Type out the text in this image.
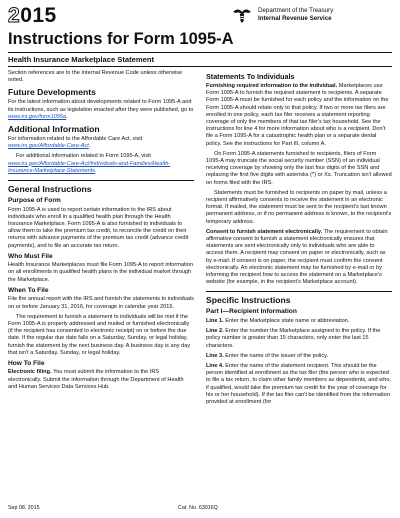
2015
Instructions for Form 1095-A
Department of the Treasury
Internal Revenue Service
Health Insurance Marketplace Statement

Section references are to the Internal Revenue Code unless otherwise noted.

Future Developments

For the latest information about developments related to Form 1095-A and its instructions, such as legislation enacted after they were published, go to www.irs.gov/form1095a.

Additional Information

For information related to the Affordable Care Act, visit www.irs.gov/Affordable-Care-Act.

For additional information related to Form 1095-A, visit www.irs.gov/Affordable-Care-Act/Individuals-and-Families/Health-Insurance-Marketplace-Statements.

General Instructions
Purpose of Form

Form 1095-A is used to report certain information to the IRS about individuals who enroll in a qualified health plan through the Health Insurance Marketplace. Form 1095-A is also furnished to individuals to allow them to take the premium tax credit, to reconcile the credit on their returns with advance payments of the premium tax credit (advance credit payments), and to file an accurate tax return.

Who Must File

Health Insurance Marketplaces must file Form 1095-A to report information on all enrollments in qualified health plans in the individual market through the Marketplace.

When To File

File the annual report with the IRS and furnish the statements to individuals on or before January 31, 2016, for coverage in calendar year 2015.

The requirement to furnish a statement to individuals will be met if the Form 1095-A is properly addressed and mailed or furnished electronically (if the recipient has consented to electronic receipt) on or before the due date. If the regular due date falls on a Saturday, Sunday, or legal holiday, furnish the statement by the next business day. A business day is any day that isn't a Saturday, Sunday, or legal holiday.

How To File

Electronic filing. You must submit the information to the IRS electronically. Submit the information through the Department of Health and Human Services Data Services Hub.

Statements To Individuals

Furnishing required information to the individual. Marketplaces use Form 1095-A to furnish the required statement to recipients. A separate Form 1095-A must be furnished for each policy and the information on the Form 1095-A should relate only to that policy. If two or more tax filers are enrolled in one policy, each tax filer receives a statement reporting coverage of only the members of that tax filer's tax household. See the instructions for line 4 for more information about who is a recipient. Don't file a Form 1095-A for a catastrophic health plan or a separate dental policy. See the instructions for Part III, column A.

On Form 1095-A statements furnished to recipients, filers of Form 1095-A may truncate the social security number (SSN) of an individual receiving coverage by showing only the last four digits of the SSN and replacing the first five digits with asterisks (*) or Xs. Truncation isn't allowed on forms filed with the IRS.

Statements must be furnished to recipients on paper by mail, unless a recipient affirmatively consents to receive the statement in an electronic format. If mailed, the statement must be sent to the recipient's last known permanent address, or if no permanent address is known, to the recipient's temporary address.

Consent to furnish statement electronically. The requirement to obtain affirmative consent to furnish a statement electronically ensures that statements are sent electronically only to individuals who are able to access them. A recipient may consent on paper or electronically, such as by e-mail. If consent is on paper, the recipient must confirm the consent electronically. An electronic statement may be furnished by e-mail or by informing the recipient how to access the statement on a Marketplace's website (for example, in the recipient's Marketplace account).

Specific Instructions
Part I—Recipient Information

Line 1. Enter the Marketplace state name or abbreviation.

Line 2. Enter the number the Marketplace assigned to the policy. If the policy number is greater than 15 characters, only enter the last 15 characters.

Line 3. Enter the name of the issuer of the policy.

Line 4. Enter the name of the statement recipient. This should be the person identified at enrollment as the tax filer (the person who is expected to file a tax return, to claim other family members as dependents, and who, if qualified, would take the premium tax credit for the year of coverage for his or her household). If the tax filer can't be identified from the information provided at enrollment (for

Sep 08, 2015	Cat. No. 63016Q
